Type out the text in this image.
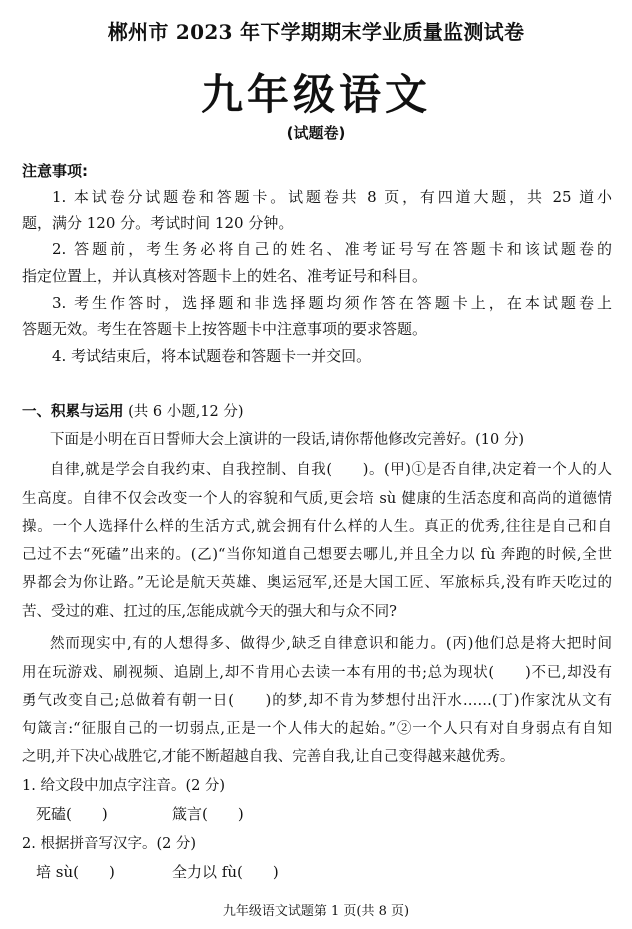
郴州市 2023 年下学期期末学业质量监测试卷
九年级语文
(试题卷)
注意事项:
1. 本试卷分试题卷和答题卡。试题卷共 8 页，有四道大题，共 25 道小
题，满分 120 分。考试时间 120 分钟。
2. 答题前，考生务必将自己的姓名、准考证号写在答题卡和该试题卷的
指定位置上，并认真核对答题卡上的姓名、准考证号和科目。
3. 考生作答时，选择题和非选择题均须作答在答题卡上，在本试题卷上
答题无效。考生在答题卡上按答题卡中注意事项的要求答题。
4. 考试结束后，将本试题卷和答题卡一并交回。
一、积累与运用 (共 6 小题,12 分)
下面是小明在百日誓师大会上演讲的一段话,请你帮他修改完善好。(10 分)
自律,就是学会自我约束、自我控制、自我(　　)。(甲)①是否自律,决定着一个人的人
生高度。自律不仅会改变一个人的容貌和气质,更会培 sù 健康的生活态度和高尚的道德情
操。一个人选择什么样的生活方式,就会拥有什么样的人生。真正的优秀,往往是自己和自
己过不去“死磕”出来的。(乙)“当你知道自己想要去哪儿,并且全力以 fù 奔跑的时候,全世
界都会为你让路。”无论是航天英雄、奥运冠军,还是大国工匠、军旅标兵,没有昨天吃过的
苦、受过的难、扛过的压,怎能成就今天的强大和与众不同?
然而现实中,有的人想得多、做得少,缺乏自律意识和能力。(丙)他们总是将大把时间
用在玩游戏、刷视频、追剧上,却不肯用心去读一本有用的书;总为现状(　　)不已,却没有
勇气改变自己;总做着有朝一日(　　)的梦,却不肯为梦想付出汗水……(丁)作家沈从文有
句箴言:“征服自己的一切弱点,正是一个人伟大的起始。”②一个人只有对自身弱点有自知
之明,并下决心战胜它,才能不断超越自我、完善自我,让自己变得越来越优秀。
1. 给文段中加点字注音。(2 分)
死磕(　　)	箴言(　　)
2. 根据拼音写汉字。(2 分)
培 sù(　　)	全力以 fù(　　)
九年级语文试题第 1 页(共 8 页)
